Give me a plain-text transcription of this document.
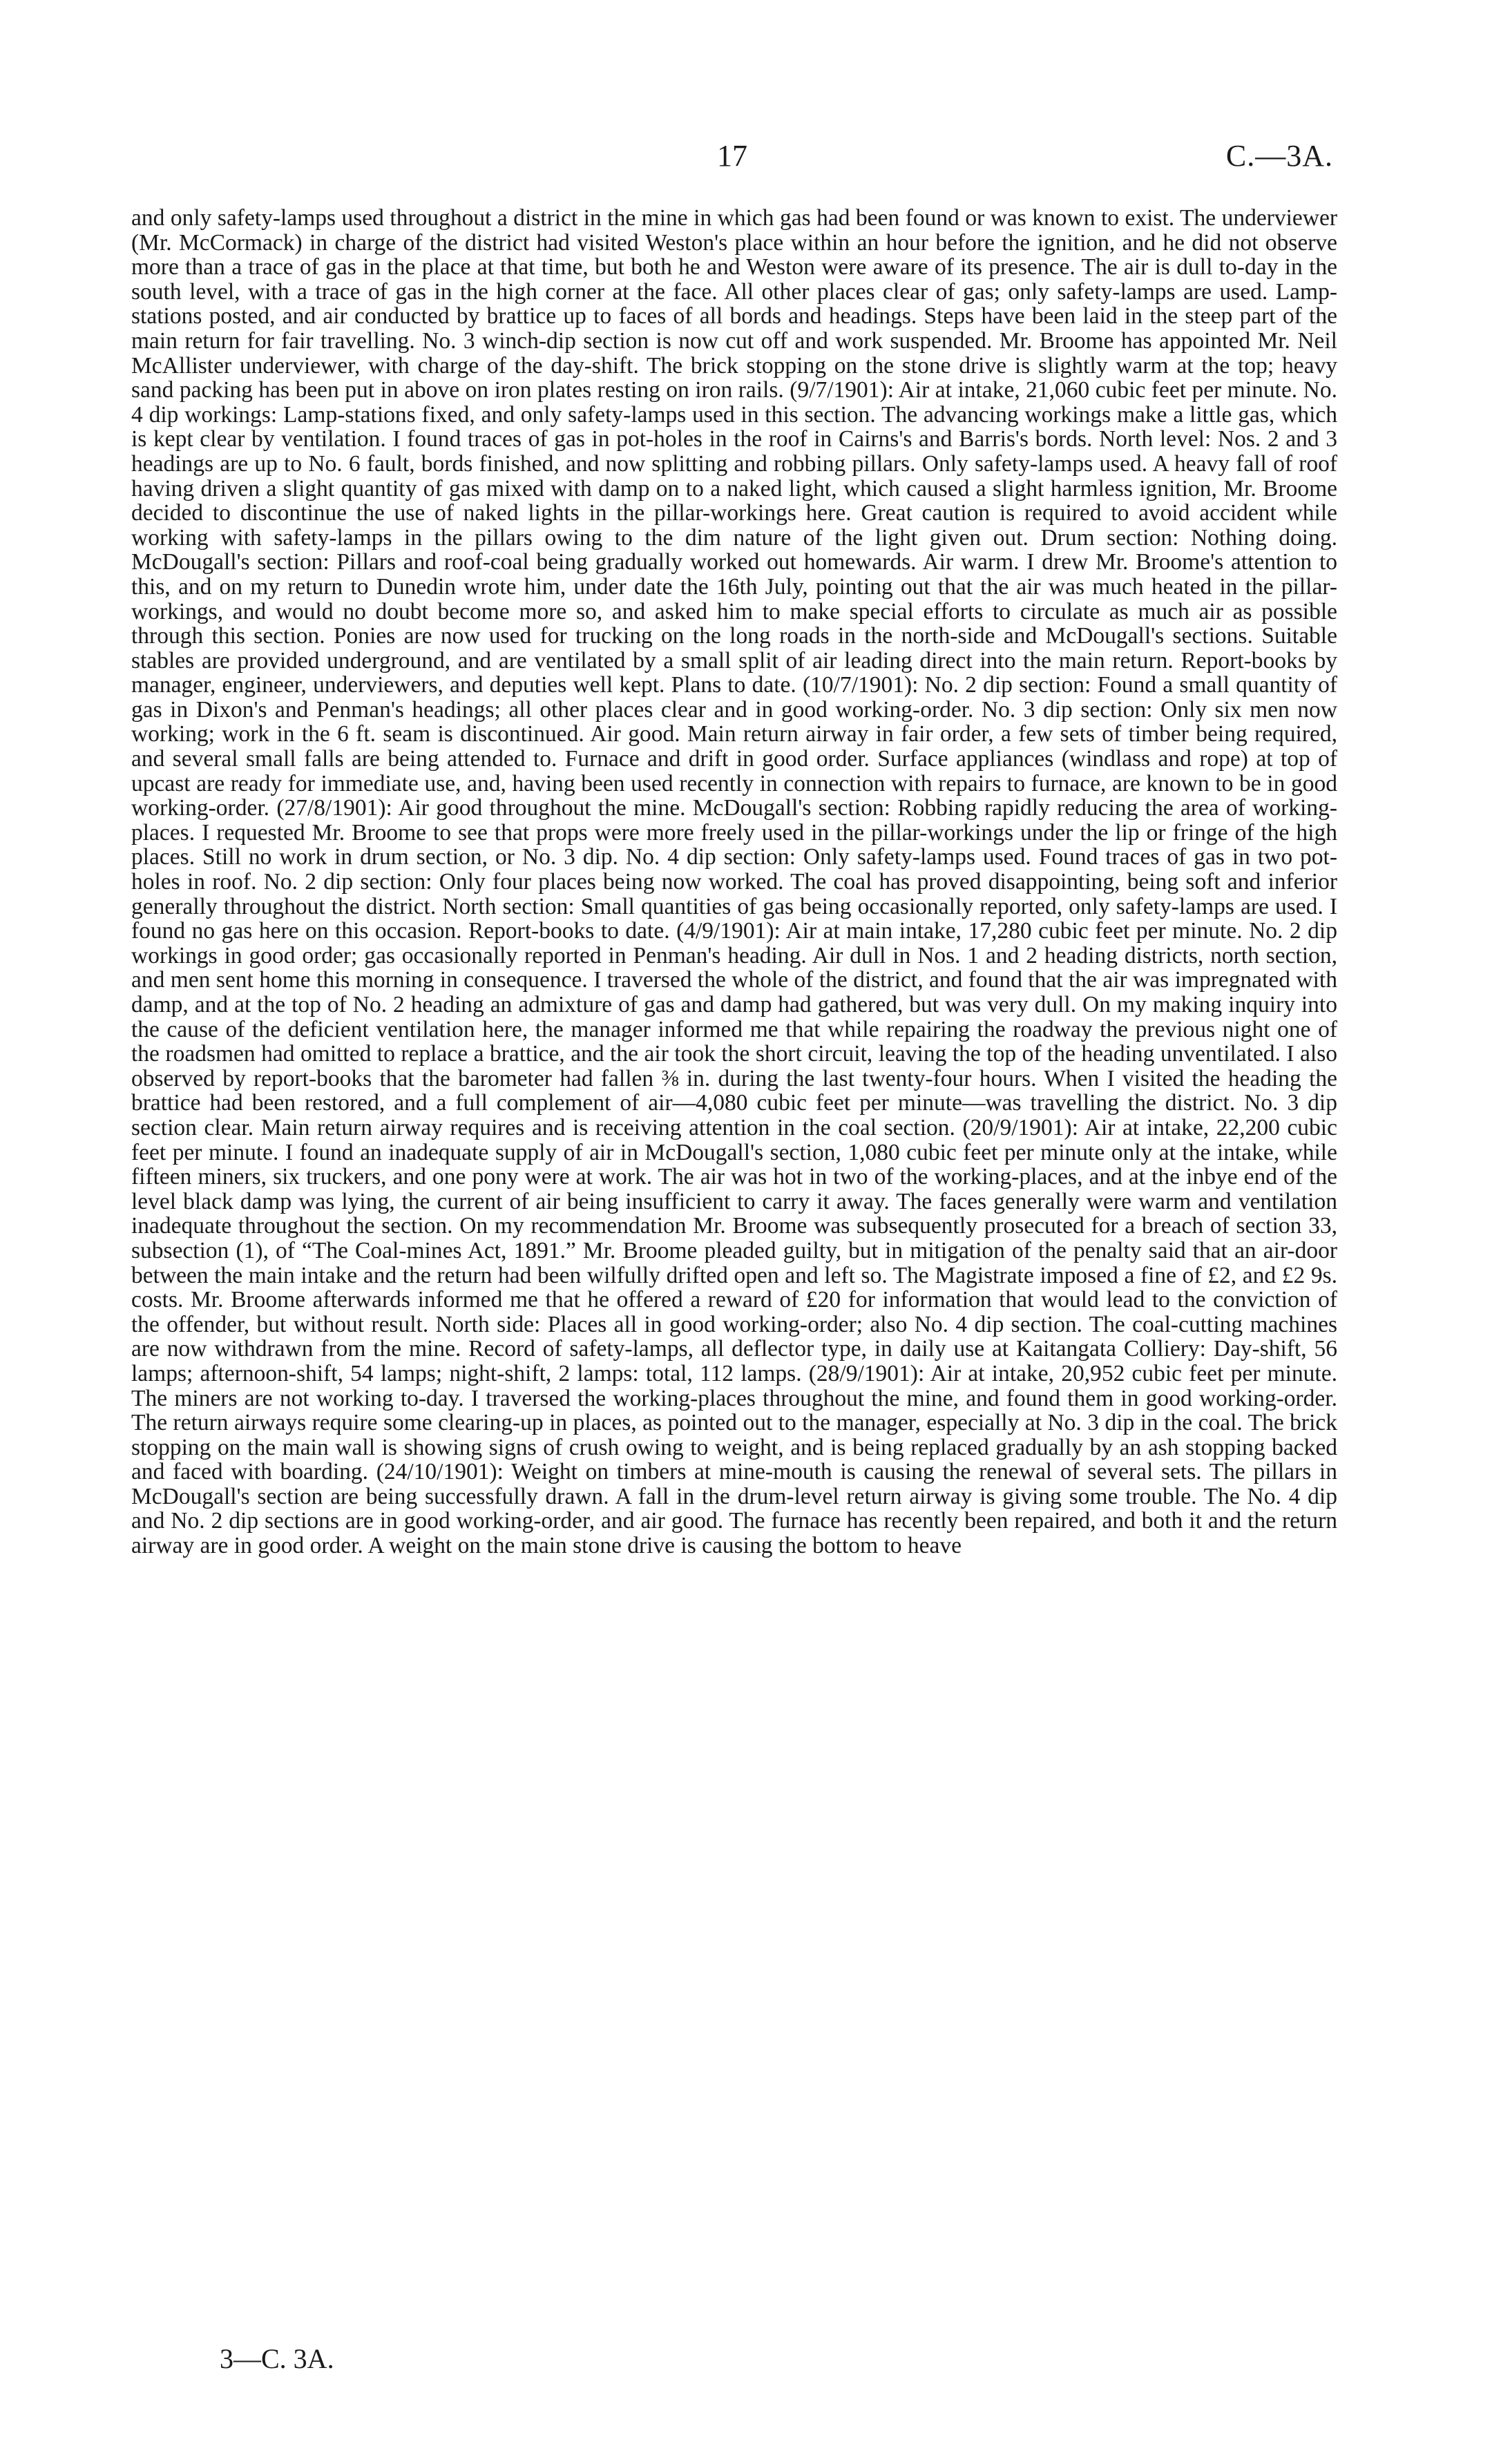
17	C.—3A.

and only safety-lamps used throughout a district in the mine in which gas had been found or was known to exist. The underviewer (Mr. McCormack) in charge of the district had visited Weston's place within an hour before the ignition, and he did not observe more than a trace of gas in the place at that time, but both he and Weston were aware of its presence. The air is dull to-day in the south level, with a trace of gas in the high corner at the face. All other places clear of gas; only safety-lamps are used. Lamp-stations posted, and air conducted by brattice up to faces of all bords and headings. Steps have been laid in the steep part of the main return for fair travelling. No. 3 winch-dip section is now cut off and work suspended. Mr. Broome has appointed Mr. Neil McAllister underviewer, with charge of the day-shift. The brick stopping on the stone drive is slightly warm at the top; heavy sand packing has been put in above on iron plates resting on iron rails. (9/7/1901): Air at intake, 21,060 cubic feet per minute. No. 4 dip workings: Lamp-stations fixed, and only safety-lamps used in this section. The advancing workings make a little gas, which is kept clear by ventilation. I found traces of gas in pot-holes in the roof in Cairns's and Barris's bords. North level: Nos. 2 and 3 headings are up to No. 6 fault, bords finished, and now splitting and robbing pillars. Only safety-lamps used. A heavy fall of roof having driven a slight quantity of gas mixed with damp on to a naked light, which caused a slight harmless ignition, Mr. Broome decided to discontinue the use of naked lights in the pillar-workings here. Great caution is required to avoid accident while working with safety-lamps in the pillars owing to the dim nature of the light given out. Drum section: Nothing doing. McDougall's section: Pillars and roof-coal being gradually worked out homewards. Air warm. I drew Mr. Broome's attention to this, and on my return to Dunedin wrote him, under date the 16th July, pointing out that the air was much heated in the pillar-workings, and would no doubt become more so, and asked him to make special efforts to circulate as much air as possible through this section. Ponies are now used for trucking on the long roads in the north-side and McDougall's sections. Suitable stables are provided underground, and are ventilated by a small split of air leading direct into the main return. Report-books by manager, engineer, underviewers, and deputies well kept. Plans to date. (10/7/1901): No. 2 dip section: Found a small quantity of gas in Dixon's and Penman's headings; all other places clear and in good working-order. No. 3 dip section: Only six men now working; work in the 6 ft. seam is discontinued. Air good. Main return airway in fair order, a few sets of timber being required, and several small falls are being attended to. Furnace and drift in good order. Surface appliances (windlass and rope) at top of upcast are ready for immediate use, and, having been used recently in connection with repairs to furnace, are known to be in good working-order. (27/8/1901): Air good throughout the mine. McDougall's section: Robbing rapidly reducing the area of working-places. I requested Mr. Broome to see that props were more freely used in the pillar-workings under the lip or fringe of the high places. Still no work in drum section, or No. 3 dip. No. 4 dip section: Only safety-lamps used. Found traces of gas in two pot-holes in roof. No. 2 dip section: Only four places being now worked. The coal has proved disappointing, being soft and inferior generally throughout the district. North section: Small quantities of gas being occasionally reported, only safety-lamps are used. I found no gas here on this occasion. Report-books to date. (4/9/1901): Air at main intake, 17,280 cubic feet per minute. No. 2 dip workings in good order; gas occasionally reported in Penman's heading. Air dull in Nos. 1 and 2 heading districts, north section, and men sent home this morning in consequence. I traversed the whole of the district, and found that the air was impregnated with damp, and at the top of No. 2 heading an admixture of gas and damp had gathered, but was very dull. On my making inquiry into the cause of the deficient ventilation here, the manager informed me that while repairing the roadway the previous night one of the roadsmen had omitted to replace a brattice, and the air took the short circuit, leaving the top of the heading unventilated. I also observed by report-books that the barometer had fallen ⅜ in. during the last twenty-four hours. When I visited the heading the brattice had been restored, and a full complement of air—4,080 cubic feet per minute—was travelling the district. No. 3 dip section clear. Main return airway requires and is receiving attention in the coal section. (20/9/1901): Air at intake, 22,200 cubic feet per minute. I found an inadequate supply of air in McDougall's section, 1,080 cubic feet per minute only at the intake, while fifteen miners, six truckers, and one pony were at work. The air was hot in two of the working-places, and at the inbye end of the level black damp was lying, the current of air being insufficient to carry it away. The faces generally were warm and ventilation inadequate throughout the section. On my recommendation Mr. Broome was subsequently prosecuted for a breach of section 33, subsection (1), of “The Coal-mines Act, 1891.” Mr. Broome pleaded guilty, but in mitigation of the penalty said that an air-door between the main intake and the return had been wilfully drifted open and left so. The Magistrate imposed a fine of £2, and £2 9s. costs. Mr. Broome afterwards informed me that he offered a reward of £20 for information that would lead to the conviction of the offender, but without result. North side: Places all in good working-order; also No. 4 dip section. The coal-cutting machines are now withdrawn from the mine. Record of safety-lamps, all deflector type, in daily use at Kaitangata Colliery: Day-shift, 56 lamps; afternoon-shift, 54 lamps; night-shift, 2 lamps: total, 112 lamps. (28/9/1901): Air at intake, 20,952 cubic feet per minute. The miners are not working to-day. I traversed the working-places throughout the mine, and found them in good working-order. The return airways require some clearing-up in places, as pointed out to the manager, especially at No. 3 dip in the coal. The brick stopping on the main wall is showing signs of crush owing to weight, and is being replaced gradually by an ash stopping backed and faced with boarding. (24/10/1901): Weight on timbers at mine-mouth is causing the renewal of several sets. The pillars in McDougall's section are being successfully drawn. A fall in the drum-level return airway is giving some trouble. The No. 4 dip and No. 2 dip sections are in good working-order, and air good. The furnace has recently been repaired, and both it and the return airway are in good order. A weight on the main stone drive is causing the bottom to heave

3—C. 3A.
